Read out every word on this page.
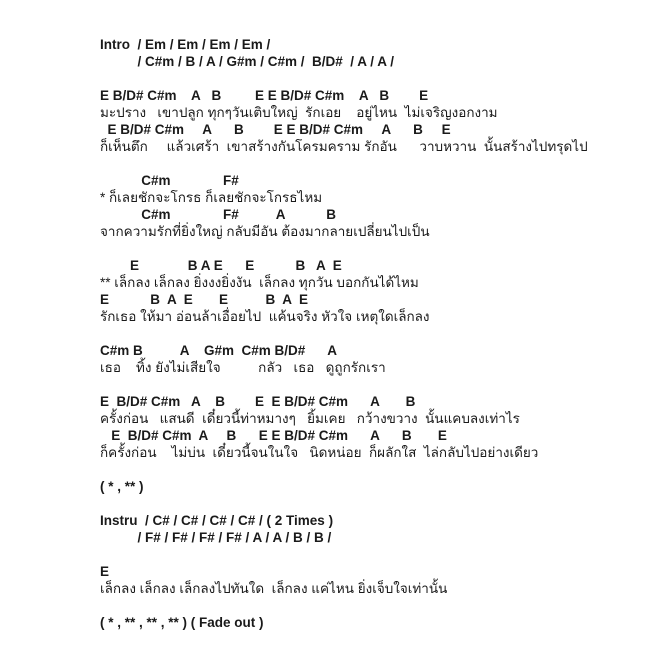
Intro  / Em / Em / Em / Em /
/ C#m / B / A / G#m / C#m /  B/D#  / A / A /
E B/D# C#m    A   B         E E B/D# C#m    A   B        E
มะปราง   เขาปลูก ทุกๆวันเติบใหญ่  รักเอย    อยู่ไหน  ไม่เจริญงอกงาม
E B/D# C#m     A      B        E E B/D# C#m     A      B     E
ก็เห็นตึก     แล้วเศร้า  เขาสร้างกันโครมคราม รักอัน      วาบหวาน  นั้นสร้างไปทรุดไป
C#m              F#
* ก็เลยชักจะโกรธ ก็เลยชักจะโกรธไหม
C#m              F#          A           B
จากความรักที่ยิ่งใหญ่ กลับมีอัน ต้องมากลายเปลี่ยนไปเป็น
E             B A E      E           B   A  E
** เล็กลง เล็กลง ยิ่งงงยิ่งงัน  เล็กลง ทุกวัน บอกกันได้ไหม
E           B  A  E       E          B  A  E
รักเธอ ให้มา อ่อนล้าเอื่อยไป  แค้นจริง หัวใจ เหตุใดเล็กลง
C#m B          A    G#m  C#m B/D#      A
เธอ    ทิ้ง ยังไม่เสียใจ          กลัว   เธอ   ดูถูกรักเรา
E  B/D# C#m   A    B        E  E B/D# C#m      A       B
ครั้งก่อน   แสนดี  เดี๋ยวนี้ท่าหมางๆ   ยิ้มเคย   กว้างขวาง  นั้นแคบลงเท่าไร
E  B/D# C#m  A     B      E E B/D# C#m      A      B       E
ก็ครั้งก่อน    ไม่บ่น  เดี๋ยวนี้จนในใจ   นิดหน่อย  ก็ผลักใส  ไล่กลับไปอย่างเดียว
( * , ** )
Instru  / C# / C# / C# / C# / ( 2 Times )
/ F# / F# / F# / F# / A / A / B / B /
E
เล็กลง เล็กลง เล็กลงไปทันใด  เล็กลง แค่ไหน ยิ่งเจ็บใจเท่านั้น
( * , ** , ** , ** ) ( Fade out )
